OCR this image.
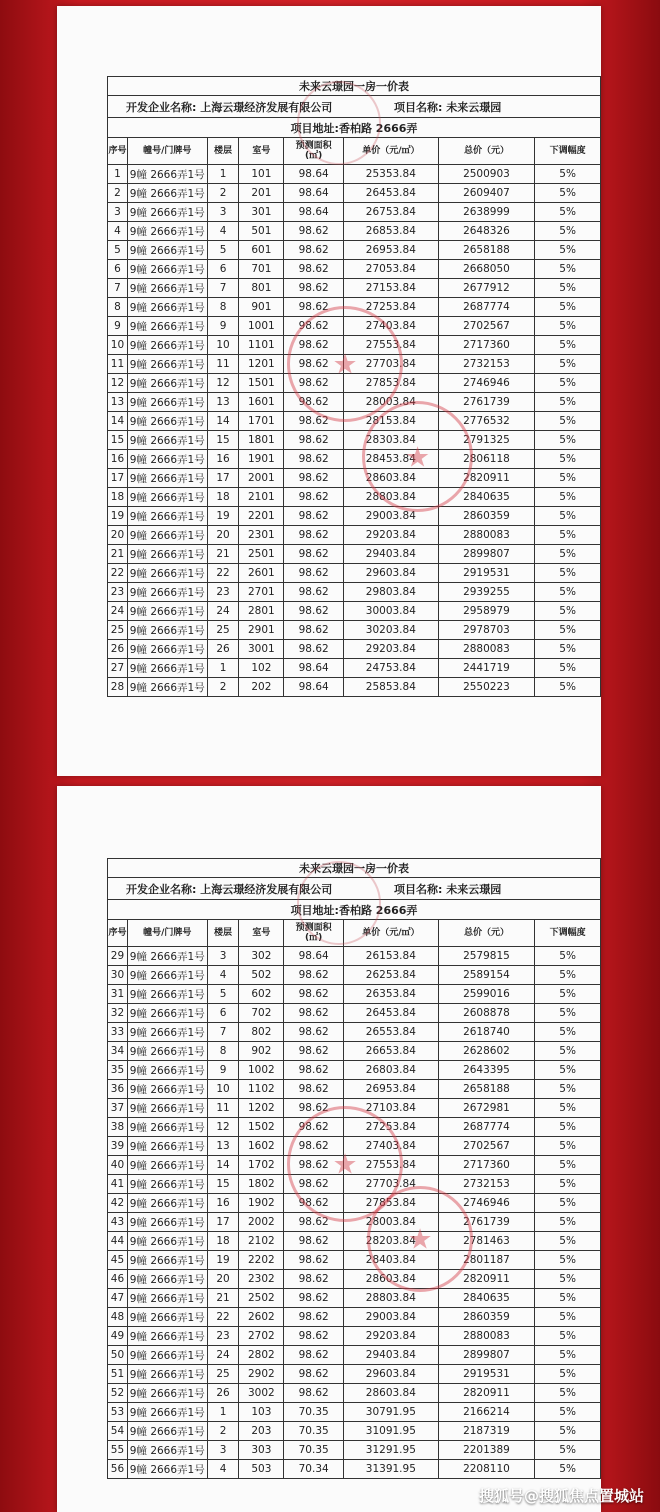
未来云璟园一房一价表
开发企业名称: 上海云璟经济发展有限公司	项目名称: 未来云璟园
项目地址: 香柏路 2666弄
序号	幢号/门牌号	楼层	室号	预测面积
(㎡)	单价（元/㎡）	总价（元）	下调幅度
1 9幢 2666弄1号	1	101	98.64	25353.84	2500903	5%
2 9幢 2666弄1号	2	201	98.64	26453.84	2609407	5%
3 9幢 2666弄1号	3	301	98.64	26753.84	2638999	5%
4 9幢 2666弄1号	4	501	98.62	26853.84	2648326	5%
5 9幢 2666弄1号	5	601	98.62	26953.84	2658188	5%
6 9幢 2666弄1号	6	701	98.62	27053.84	2668050	5%
7 9幢 2666弄1号	7	801	98.62	27153.84	2677912	5%
8 9幢 2666弄1号	8	901	98.62	27253.84	2687774	5%
9 9幢 2666弄1号	9	1001	98.62	27403.84	2702567	5%
10 9幢 2666弄1号	10	1101	98.62	27553.84	2717360	5%
11 9幢 2666弄1号	11	1201	98.62	27703.84	2732153	5%
12 9幢 2666弄1号	12	1501	98.62	27853.84	2746946	5%
13 9幢 2666弄1号	13	1601	98.62	28003.84	2761739	5%
14 9幢 2666弄1号	14	1701	98.62	28153.84	2776532	5%
15 9幢 2666弄1号	15	1801	98.62	28303.84	2791325	5%
16 9幢 2666弄1号	16	1901	98.62	28453.84	2806118	5%
17 9幢 2666弄1号	17	2001	98.62	28603.84	2820911	5%
18 9幢 2666弄1号	18	2101	98.62	28803.84	2840635	5%
19 9幢 2666弄1号	19	2201	98.62	29003.84	2860359	5%
20 9幢 2666弄1号	20	2301	98.62	29203.84	2880083	5%
21 9幢 2666弄1号	21	2501	98.62	29403.84	2899807	5%
22 9幢 2666弄1号	22	2601	98.62	29603.84	2919531	5%
23 9幢 2666弄1号	23	2701	98.62	29803.84	2939255	5%
24 9幢 2666弄1号	24	2801	98.62	30003.84	2958979	5%
25 9幢 2666弄1号	25	2901	98.62	30203.84	2978703	5%
26 9幢 2666弄1号	26	3001	98.62	29203.84	2880083	5%
27 9幢 2666弄1号	1	102	98.64	24753.84	2441719	5%
28 9幢 2666弄1号	2	202	98.64	25853.84	2550223	5%
★
★
未来云璟园一房一价表
开发企业名称: 上海云璟经济发展有限公司	项目名称: 未来云璟园
项目地址: 香柏路 2666弄
序号	幢号/门牌号	楼层	室号	预测面积
(㎡)	单价（元/㎡）	总价（元）	下调幅度
29 9幢 2666弄1号	3	302	98.64	26153.84	2579815	5%
30 9幢 2666弄1号	4	502	98.62	26253.84	2589154	5%
31 9幢 2666弄1号	5	602	98.62	26353.84	2599016	5%
32 9幢 2666弄1号	6	702	98.62	26453.84	2608878	5%
33 9幢 2666弄1号	7	802	98.62	26553.84	2618740	5%
34 9幢 2666弄1号	8	902	98.62	26653.84	2628602	5%
35 9幢 2666弄1号	9	1002	98.62	26803.84	2643395	5%
36 9幢 2666弄1号	10	1102	98.62	26953.84	2658188	5%
37 9幢 2666弄1号	11	1202	98.62	27103.84	2672981	5%
38 9幢 2666弄1号	12	1502	98.62	27253.84	2687774	5%
39 9幢 2666弄1号	13	1602	98.62	27403.84	2702567	5%
40 9幢 2666弄1号	14	1702	98.62	27553.84	2717360	5%
41 9幢 2666弄1号	15	1802	98.62	27703.84	2732153	5%
42 9幢 2666弄1号	16	1902	98.62	27853.84	2746946	5%
43 9幢 2666弄1号	17	2002	98.62	28003.84	2761739	5%
44 9幢 2666弄1号	18	2102	98.62	28203.84	2781463	5%
45 9幢 2666弄1号	19	2202	98.62	28403.84	2801187	5%
46 9幢 2666弄1号	20	2302	98.62	28603.84	2820911	5%
47 9幢 2666弄1号	21	2502	98.62	28803.84	2840635	5%
48 9幢 2666弄1号	22	2602	98.62	29003.84	2860359	5%
49 9幢 2666弄1号	23	2702	98.62	29203.84	2880083	5%
50 9幢 2666弄1号	24	2802	98.62	29403.84	2899807	5%
51 9幢 2666弄1号	25	2902	98.62	29603.84	2919531	5%
52 9幢 2666弄1号	26	3002	98.62	28603.84	2820911	5%
53 9幢 2666弄1号	1	103	70.35	30791.95	2166214	5%
54 9幢 2666弄1号	2	203	70.35	31091.95	2187319	5%
55 9幢 2666弄1号	3	303	70.35	31291.95	2201389	5%
56 9幢 2666弄1号	4	503	70.34	31391.95	2208110	5%
★
★
搜狐号@搜狐焦点置城站
